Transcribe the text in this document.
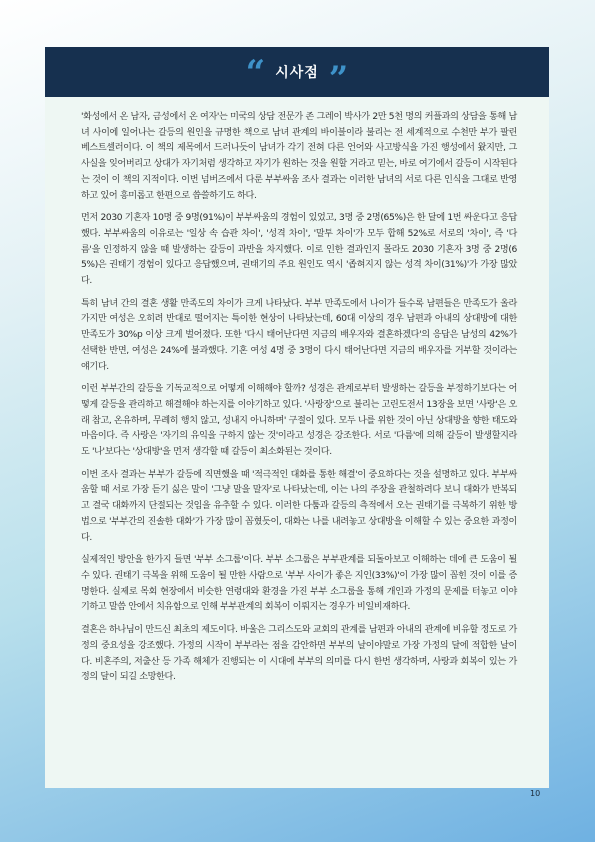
“ 시사점 ”

'화성에서 온 남자, 금성에서 온 여자'는 미국의 상담 전문가 존 그레이 박사가 2만 5천 명의 커플과의 상담을 통해 남녀 사이에 일어나는 갈등의 원인을 규명한 책으로 남녀 관계의 바이블이라 불리는 전 세계적으로 수천만 부가 팔린 베스트셀러이다. 이 책의 제목에서 드러나듯이 남녀가 각기 전혀 다른 언어와 사고방식을 가진 행성에서 왔지만, 그 사실을 잊어버리고 상대가 자기처럼 생각하고 자기가 원하는 것을 원할 거라고 믿는, 바로 여기에서 갈등이 시작된다는 것이 이 책의 지적이다. 이번 넘버즈에서 다룬 부부싸움 조사 결과는 이러한 남녀의 서로 다른 인식을 그대로 반영하고 있어 흥미롭고 한편으로 씁쓸하기도 하다.

먼저 2030 기혼자 10명 중 9명(91%)이 부부싸움의 경험이 있었고, 3명 중 2명(65%)은 한 달에 1번 싸운다고 응답했다. 부부싸움의 이유로는 '일상 속 습관 차이', '성격 차이', '말투 차이'가 모두 합해 52%로 서로의 '차이', 즉 '다름'을 인정하지 않을 때 발생하는 갈등이 과반을 차지했다. 이로 인한 결과인지 몰라도 2030 기혼자 3명 중 2명(65%)은 권태기 경험이 있다고 응답했으며, 권태기의 주요 원인도 역시 '좁혀지지 않는 성격 차이(31%)'가 가장 많았다.

특히 남녀 간의 결혼 생활 만족도의 차이가 크게 나타났다. 부부 만족도에서 나이가 들수록 남편들은 만족도가 올라가지만 여성은 오히려 반대로 떨어지는 특이한 현상이 나타났는데, 60대 이상의 경우 남편과 아내의 상대방에 대한 만족도가 30%p 이상 크게 벌어졌다. 또한 '다시 태어난다면 지금의 배우자와 결혼하겠다'의 응답은 남성의 42%가 선택한 반면, 여성은 24%에 불과했다. 기혼 여성 4명 중 3명이 다시 태어난다면 지금의 배우자를 거부할 것이라는 얘기다.

이런 부부간의 갈등을 기독교적으로 어떻게 이해해야 할까? 성경은 관계로부터 발생하는 갈등을 부정하기보다는 어떻게 갈등을 관리하고 해결해야 하는지를 이야기하고 있다. '사랑장'으로 불리는 고린도전서 13장을 보면 '사랑'은 오래 참고, 온유하며, 무례히 행치 않고, 성내지 아니하며' 구절이 있다. 모두 나를 위한 것이 아닌 상대방을 향한 태도와 마음이다. 즉 사랑은 '자기의 유익을 구하지 않는 것'이라고 성경은 강조한다. 서로 '다름'에 의해 갈등이 발생할지라도 '나'보다는 '상대방'을 먼저 생각할 때 갈등이 최소화된는 것이다.

이번 조사 결과는 부부가 갈등에 직면했을 때 '적극적인 대화를 통한 해결'이 중요하다는 것을 설명하고 있다. 부부싸움할 때 서로 가장 듣기 싫은 말이 '그냥 말을 말자'로 나타났는데, 이는 나의 주장을 관철하려다 보니 대화가 반복되고 결국 대화까지 단절되는 것임을 유추할 수 있다. 이러한 다툼과 갈등의 측적에서 오는 권태기를 극복하기 위한 방법으로 '부부간의 진솔한 대화'가 가장 많이 꼽혔듯이, 대화는 나를 내려놓고 상대방을 이해할 수 있는 중요한 과정이다.

실제적인 방안을 한가지 들면 '부부 소그룹'이다. 부부 소그룹은 부부관계를 되돌아보고 이해하는 데에 큰 도움이 될 수 있다. 권태기 극복을 위해 도움이 될 만한 사람으로 '부부 사이가 좋은 지인(33%)'이 가장 많이 꼽힌 것이 이를 증명한다. 실제로 목회 현장에서 비슷한 연령대와 환경을 가진 부부 소그룹을 통해 개인과 가정의 문제를 터놓고 이야기하고 말씀 안에서 치유함으로 인해 부부관계의 회복이 이뤄지는 경우가 비일비재하다.

결혼은 하나님이 만드신 최초의 제도이다. 바울은 그리스도와 교회의 관계를 남편과 아내의 관계에 비유할 정도로 가정의 중요성을 강조했다. 가정의 시작이 부부라는 점을 감안하면 부부의 날이야말로 가장 가정의 달에 적합한 날이다. 비혼주의, 저출산 등 가족 해체가 진행되는 이 시대에 부부의 의미를 다시 한번 생각하며, 사랑과 회복이 있는 가정의 달이 되길 소망한다.

10
